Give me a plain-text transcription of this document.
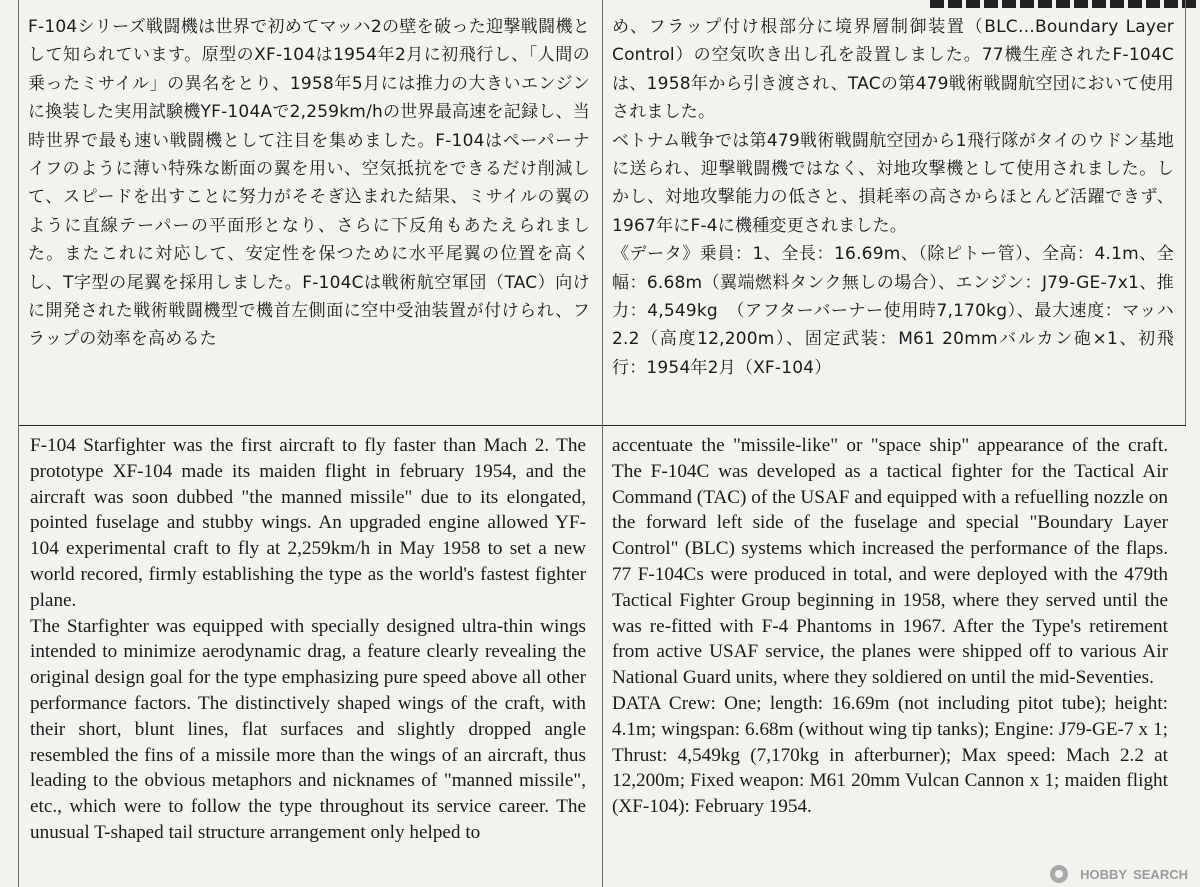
F-104シリーズ戦闘機は世界で初めてマッハ2の壁を破った迎撃戦闘機として知られています。原型のXF-104は1954年2月に初飛行し、「人間の乗ったミサイル」の異名をとり、1958年5月には推力の大きいエンジンに換装した実用試験機YF-104Aで2,259km/hの世界最高速を記録し、当時世界で最も速い戦闘機として注目を集めました。F-104はペーパーナイフのように薄い特殊な断面の翼を用い、空気抵抗をできるだけ削減して、スピードを出すことに努力がそそぎ込まれた結果、ミサイルの翼のように直線テーパーの平面形となり、さらに下反角もあたえられました。またこれに対応して、安定性を保つために水平尾翼の位置を高くし、T字型の尾翼を採用しました。F-104Cは戦術航空軍団（TAC）向けに開発された戦術戦闘機型で機首左側面に空中受油装置が付けられ、フラップの効率を高めるた

め、フラップ付け根部分に境界層制御装置（BLC…Boundary Layer Control）の空気吹き出し孔を設置しました。77機生産されたF-104Cは、1958年から引き渡され、TACの第479戦術戦闘航空団において使用されました。

ベトナム戦争では第479戦術戦闘航空団から1飛行隊がタイのウドン基地に送られ、迎撃戦闘機ではなく、対地攻撃機として使用されました。しかし、対地攻撃能力の低さと、損耗率の高さからほとんど活躍できず、1967年にF-4に機種変更されました。

《データ》乗員：1、全長：16.69m、（除ピトー管）、全高：4.1m、全幅：6.68m（翼端燃料タンク無しの場合）、エンジン：J79-GE-7x1、推力：4,549kg　（アフターバーナー使用時7,170kg）、最大速度：マッハ2.2（高度12,200m）、固定武装：M61 20mmバルカン砲×1、初飛行：1954年2月（XF-104）

F-104 Starfighter was the first aircraft to fly faster than Mach 2. The prototype XF-104 made its maiden flight in february 1954, and the aircraft was soon dubbed "the manned missile" due to its elongated, pointed fuselage and stubby wings. An upgraded engine allowed YF-104 experimental craft to fly at 2,259km/h in May 1958 to set a new world recored, firmly establishing the type as the world's fastest fighter plane.

The Starfighter was equipped with specially designed ultra-thin wings intended to minimize aerodynamic drag, a feature clearly revealing the original design goal for the type emphasizing pure speed above all other performance factors. The distinctively shaped wings of the craft, with their short, blunt lines, flat surfaces and slightly dropped angle resembled the fins of a missile more than the wings of an aircraft, thus leading to the obvious metaphors and nicknames of "manned missile", etc., which were to follow the type throughout its service career. The unusual T-shaped tail structure arrangement only helped to

accentuate the "missile-like" or "space ship" appearance of the craft. The F-104C was developed as a tactical fighter for the Tactical Air Command (TAC) of the USAF and equipped with a refuelling nozzle on the forward left side of the fuselage and special "Boundary Layer Control" (BLC) systems which increased the performance of the flaps. 77 F-104Cs were produced in total, and were deployed with the 479th Tactical Fighter Group beginning in 1958, where they served until the was re-fitted with F-4 Phantoms in 1967. After the Type's retirement from active USAF service, the planes were shipped off to various Air National Guard units, where they soldiered on until the mid-Seventies.

DATA Crew: One; length: 16.69m (not including pitot tube); height: 4.1m; wingspan: 6.68m (without wing tip tanks); Engine: J79-GE-7 x 1; Thrust: 4,549kg (7,170kg in afterburner); Max speed: Mach 2.2 at 12,200m; Fixed weapon: M61 20mm Vulcan Cannon x 1; maiden flight (XF-104): February 1954.

HOBBY SEARCH
